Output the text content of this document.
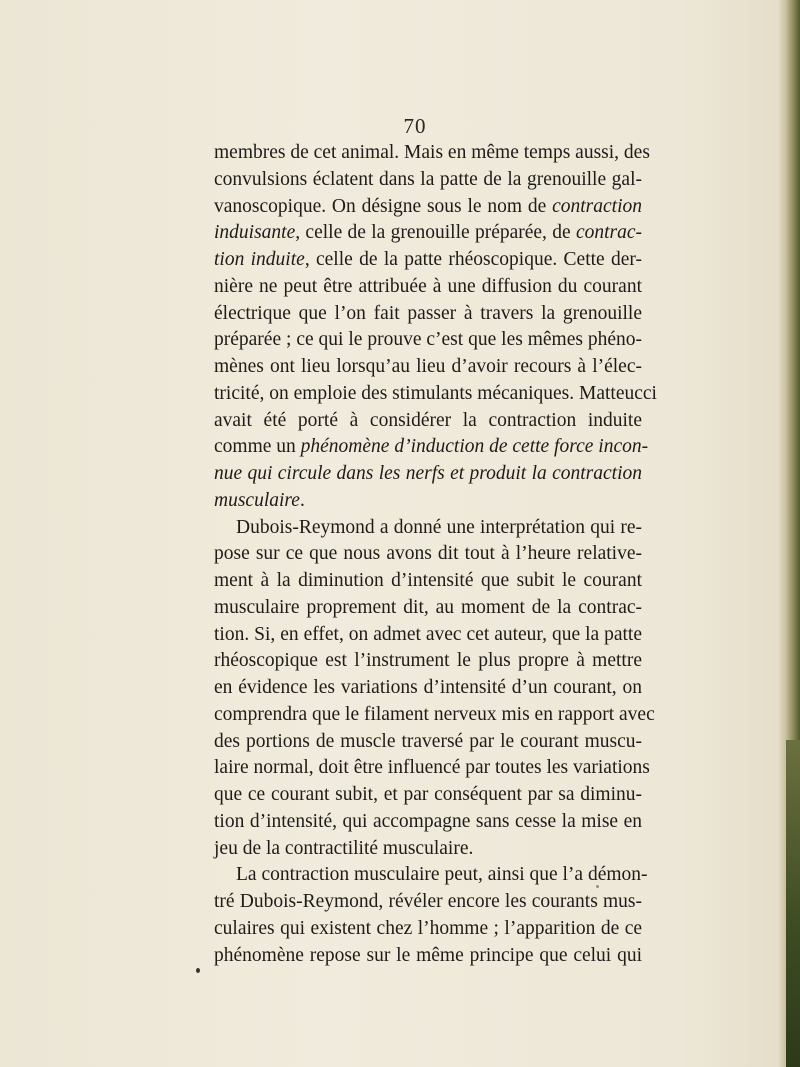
70
membres de cet animal. Mais en même temps aussi, des
convulsions éclatent dans la patte de la grenouille gal-
vanoscopique. On désigne sous le nom de contraction
induisante, celle de la grenouille préparée, de contrac-
tion induite, celle de la patte rhéoscopique. Cette der-
nière ne peut être attribuée à une diffusion du courant
électrique que l’on fait passer à travers la grenouille
préparée ; ce qui le prouve c’est que les mêmes phéno-
mènes ont lieu lorsqu’au lieu d’avoir recours à l’élec-
tricité, on emploie des stimulants mécaniques. Matteucci
avait été porté à considérer la contraction induite
comme un phénomène d’induction de cette force incon-
nue qui circule dans les nerfs et produit la contraction
musculaire.
Dubois-Reymond a donné une interprétation qui re-
pose sur ce que nous avons dit tout à l’heure relative-
ment à la diminution d’intensité que subit le courant
musculaire proprement dit, au moment de la contrac-
tion. Si, en effet, on admet avec cet auteur, que la patte
rhéoscopique est l’instrument le plus propre à mettre
en évidence les variations d’intensité d’un courant, on
comprendra que le filament nerveux mis en rapport avec
des portions de muscle traversé par le courant muscu-
laire normal, doit être influencé par toutes les variations
que ce courant subit, et par conséquent par sa diminu-
tion d’intensité, qui accompagne sans cesse la mise en
jeu de la contractilité musculaire.
La contraction musculaire peut, ainsi que l’a démon-
tré Dubois-Reymond, révéler encore les courants mus-
culaires qui existent chez l’homme ; l’apparition de ce
phénomène repose sur le même principe que celui qui
